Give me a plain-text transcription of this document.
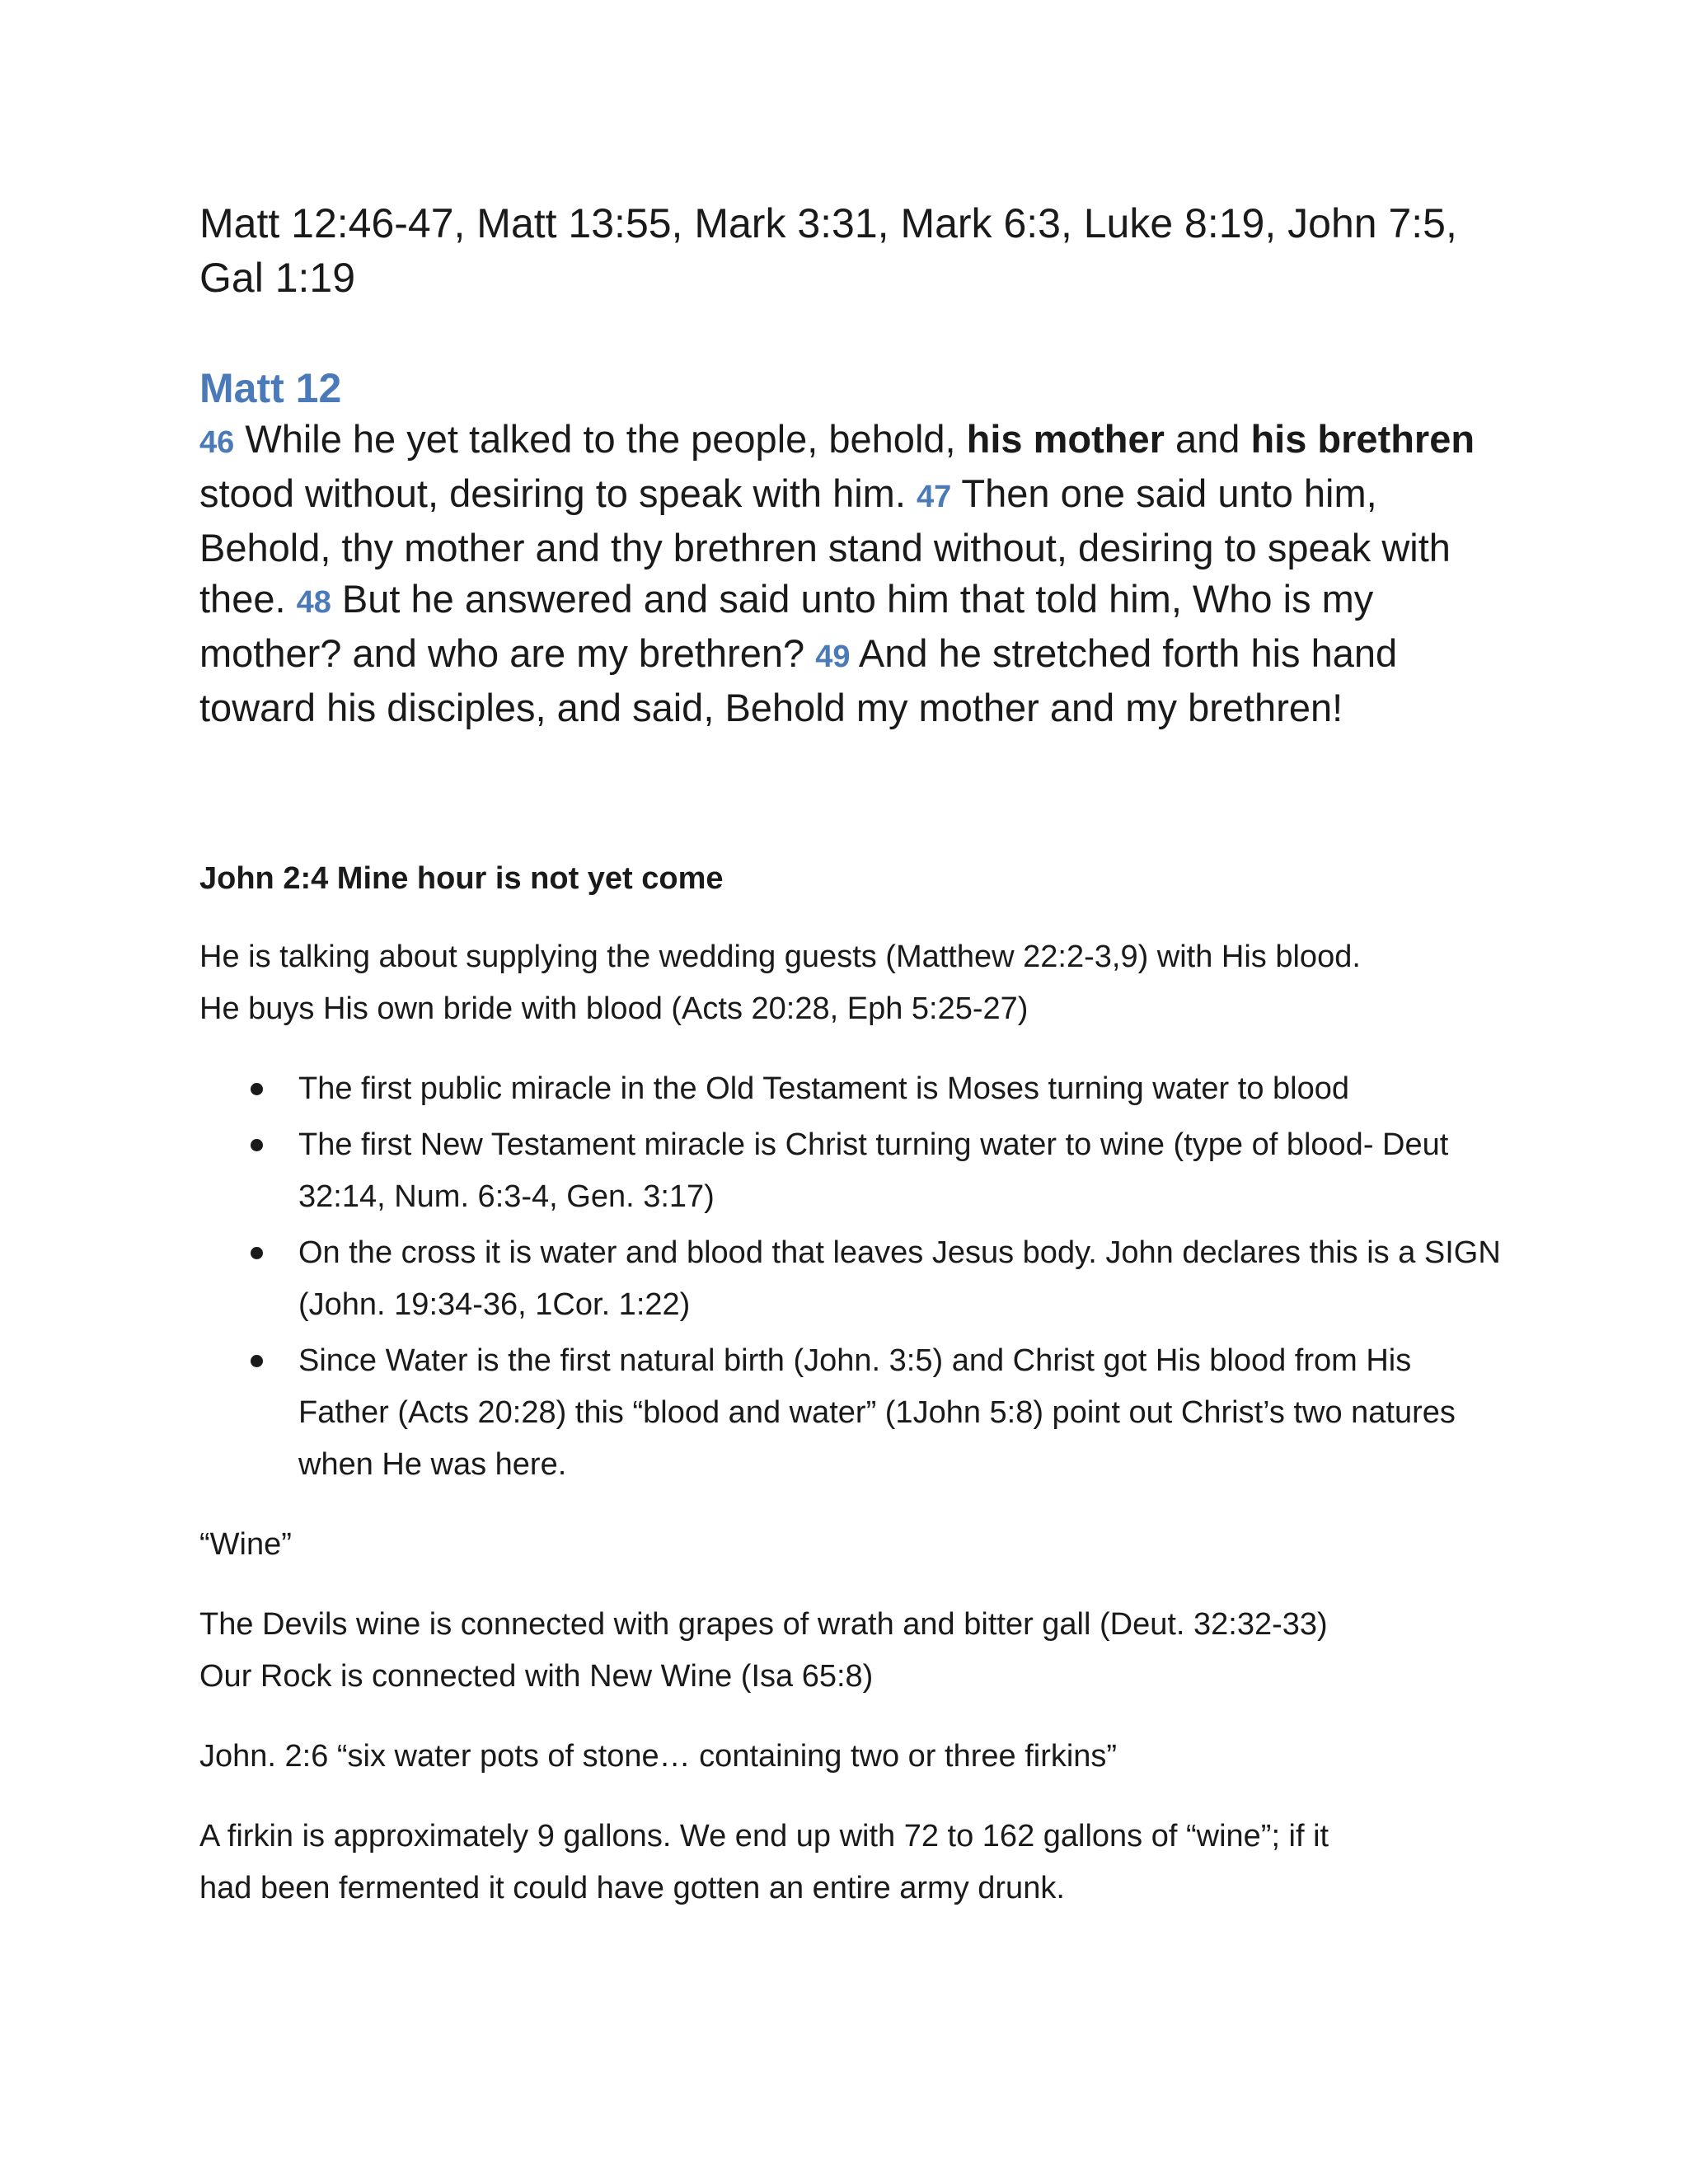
Matt 12:46-47, Matt 13:55, Mark 3:31, Mark 6:3, Luke 8:19, John 7:5,
Gal 1:19

Matt 12

46 While he yet talked to the people, behold, his mother and his brethren stood without, desiring to speak with him. 47 Then one said unto him, Behold, thy mother and thy brethren stand without, desiring to speak with thee. 48 But he answered and said unto him that told him, Who is my mother? and who are my brethren? 49 And he stretched forth his hand toward his disciples, and said, Behold my mother and my brethren!

John 2:4 Mine hour is not yet come

He is talking about supplying the wedding guests (Matthew 22:2-3,9) with His blood.
He buys His own bride with blood (Acts 20:28, Eph 5:25-27)

The first public miracle in the Old Testament is Moses turning water to blood
The first New Testament miracle is Christ turning water to wine (type of blood- Deut 32:14, Num. 6:3-4, Gen. 3:17)
On the cross it is water and blood that leaves Jesus body. John declares this is a SIGN (John. 19:34-36, 1Cor. 1:22)
Since Water is the first natural birth (John. 3:5) and Christ got His blood from His Father (Acts 20:28) this “blood and water” (1John 5:8) point out Christ’s two natures when He was here.

“Wine”

The Devils wine is connected with grapes of wrath and bitter gall (Deut. 32:32-33)
Our Rock is connected with New Wine (Isa 65:8)

John. 2:6 “six water pots of stone… containing two or three firkins”

A firkin is approximately 9 gallons. We end up with 72 to 162 gallons of “wine”; if it
had been fermented it could have gotten an entire army drunk.
